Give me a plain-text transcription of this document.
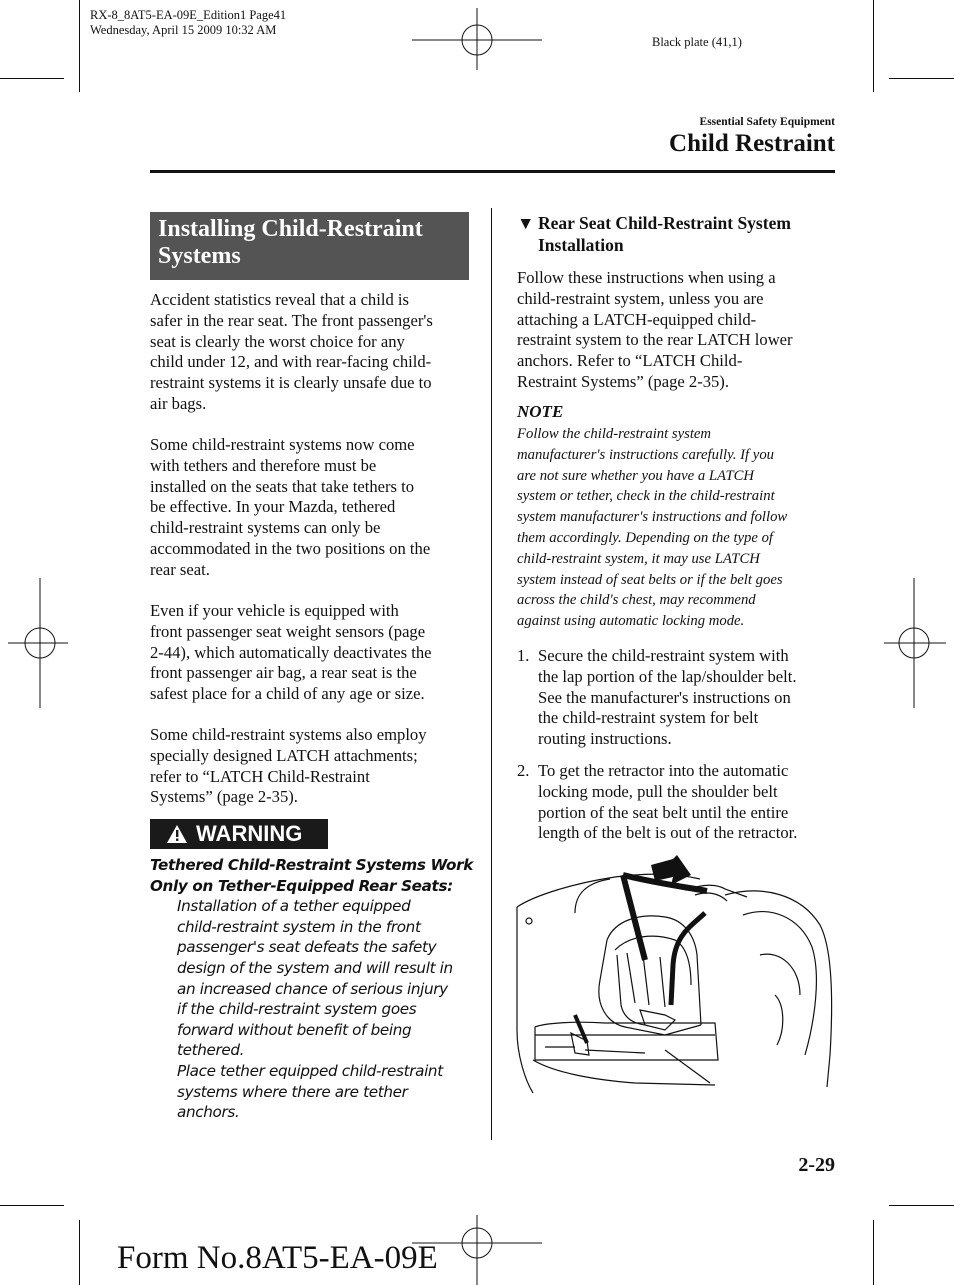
RX-8_8AT5-EA-09E_Edition1 Page41
Wednesday, April 15 2009 10:32 AM
Black plate (41,1)
Essential Safety Equipment
Child Restraint
Installing Child-Restraint
Systems
Accident statistics reveal that a child is
safer in the rear seat. The front passenger's
seat is clearly the worst choice for any
child under 12, and with rear-facing child-
restraint systems it is clearly unsafe due to
air bags.
Some child-restraint systems now come
with tethers and therefore must be
installed on the seats that take tethers to
be effective. In your Mazda, tethered
child-restraint systems can only be
accommodated in the two positions on the
rear seat.
Even if your vehicle is equipped with
front passenger seat weight sensors (page
2-44), which automatically deactivates the
front passenger air bag, a rear seat is the
safest place for a child of any age or size.
Some child-restraint systems also employ
specially designed LATCH attachments;
refer to “LATCH Child-Restraint
Systems” (page 2-35).
WARNING
Tethered Child-Restraint Systems Work
Only on Tether-Equipped Rear Seats:
Installation of a tether equipped
child-restraint system in the front
passenger's seat defeats the safety
design of the system and will result in
an increased chance of serious injury
if the child-restraint system goes
forward without benefit of being
tethered.
Place tether equipped child-restraint
systems where there are tether
anchors.
▼ Rear Seat Child-Restraint System
Installation
Follow these instructions when using a
child-restraint system, unless you are
attaching a LATCH-equipped child-
restraint system to the rear LATCH lower
anchors. Refer to “LATCH Child-
Restraint Systems” (page 2-35).
NOTE
Follow the child-restraint system
manufacturer's instructions carefully. If you
are not sure whether you have a LATCH
system or tether, check in the child-restraint
system manufacturer's instructions and follow
them accordingly. Depending on the type of
child-restraint system, it may use LATCH
system instead of seat belts or if the belt goes
across the child's chest, may recommend
against using automatic locking mode.
1. Secure the child-restraint system with
the lap portion of the lap/shoulder belt.
See the manufacturer's instructions on
the child-restraint system for belt
routing instructions.
2. To get the retractor into the automatic
locking mode, pull the shoulder belt
portion of the seat belt until the entire
length of the belt is out of the retractor.
2-29
Form No.8AT5-EA-09E
